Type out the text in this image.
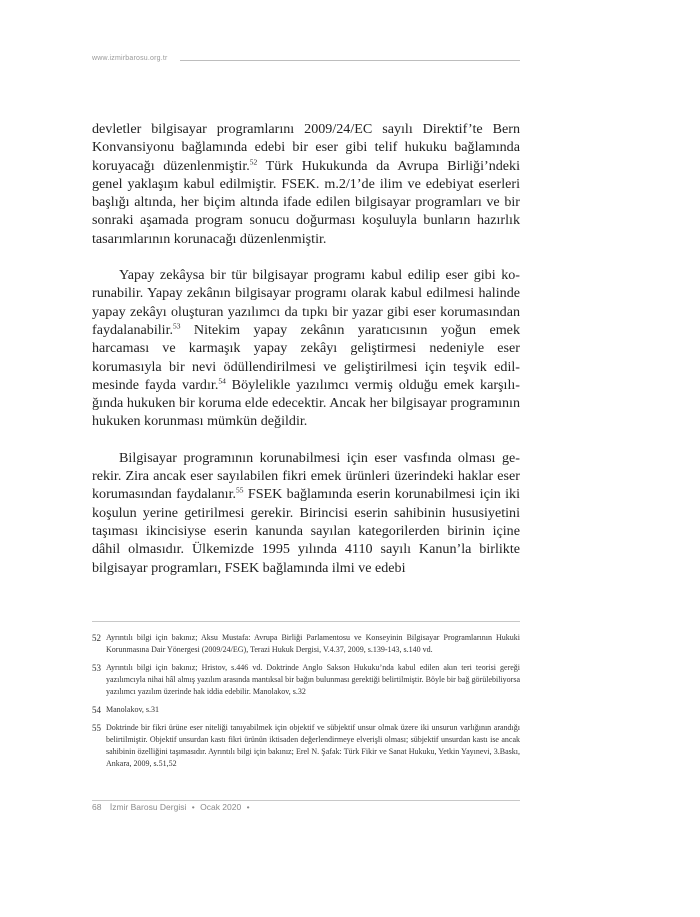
www.izmirbarosu.org.tr

devletler bilgisayar programlarını 2009/24/EC sayılı Direktif’te Bern Konvansiyonu bağlamında edebi bir eser gibi telif hukuku bağlamında koruyacağı düzenlenmiştir.$^{52}$ Türk Hukukunda da Avrupa Birliği’ndeki genel yaklaşım kabul edilmiştir. FSEK. m.2/1’de ilim ve edebiyat eserleri başlığı altında, her biçim altında ifade edilen bilgisayar programları ve bir sonraki aşamada program sonucu doğurması koşuluyla bunların hazırlık tasarımlarının korunacağı düzenlenmiştir.

Yapay zekâysa bir tür bilgisayar programı kabul edilip eser gibi korunabilir. Yapay zekânın bilgisayar programı olarak kabul edilmesi halinde yapay zekâyı oluşturan yazılımcı da tıpkı bir yazar gibi eser korumasından faydalanabilir.$^{53}$ Nitekim yapay zekânın yaratıcısının yoğun emek harcaması ve karmaşık yapay zekâyı geliştirmesi nedeniyle eser korumasıyla bir nevi ödüllendirilmesi ve geliştirilmesi için teşvik edilmesinde fayda vardır.$^{54}$ Böylelikle yazılımcı vermiş olduğu emek karşılığında hukuken bir koruma elde edecektir. Ancak her bilgisayar programının hukuken korunması mümkün değildir.

Bilgisayar programının korunabilmesi için eser vasfında olması gerekir. Zira ancak eser sayılabilen fikri emek ürünleri üzerindeki haklar eser korumasından faydalanır.$^{55}$ FSEK bağlamında eserin korunabilmesi için iki koşulun yerine getirilmesi gerekir. Birincisi eserin sahibinin hususiyetini taşıması ikincisiyse eserin kanunda sayılan kategorilerden birinin içine dâhil olmasıdır. Ülkemizde 1995 yılında 4110 sayılı Kanun’la birlikte bilgisayar programları, FSEK bağlamında ilmi ve edebi

52 Ayrıntılı bilgi için bakınız; Aksu Mustafa: Avrupa Birliği Parlamentosu ve Konseyinin Bilgisayar Programlarının Hukuki Korunmasına Dair Yönergesi (2009/24/EG), Terazi Hukuk Dergisi, V.4.37, 2009, s.139-143, s.140 vd.
53 Ayrıntılı bilgi için bakınız; Hristov, s.446 vd. Doktrinde Anglo Sakson Hukuku’nda kabul edilen akın teri teorisi gereği yazılımcıyla nihai hâl almış yazılım arasında mantıksal bir bağın bulunması gerektiği belirtilmiştir. Böyle bir bağ görülebiliyorsa yazılımcı yazılım üzerinde hak iddia edebilir. Manolakov, s.32
54 Manolakov, s.31
55 Doktrinde bir fikri ürüne eser niteliği tanıyabilmek için objektif ve sübjektif unsur olmak üzere iki unsurun varlığının arandığı belirtilmiştir. Objektif unsurdan kastı fikri ürünün iktisaden değerlendirmeye elverişli olması; sübjektif unsurdan kastı ise ancak sahibinin özelliğini taşımasıdır. Ayrıntılı bilgi için bakınız; Erel N. Şafak: Türk Fikir ve Sanat Hukuku, Yetkin Yayınevi, 3.Baskı, Ankara, 2009, s.51,52
68 İzmir Barosu Dergisi • Ocak 2020 •
